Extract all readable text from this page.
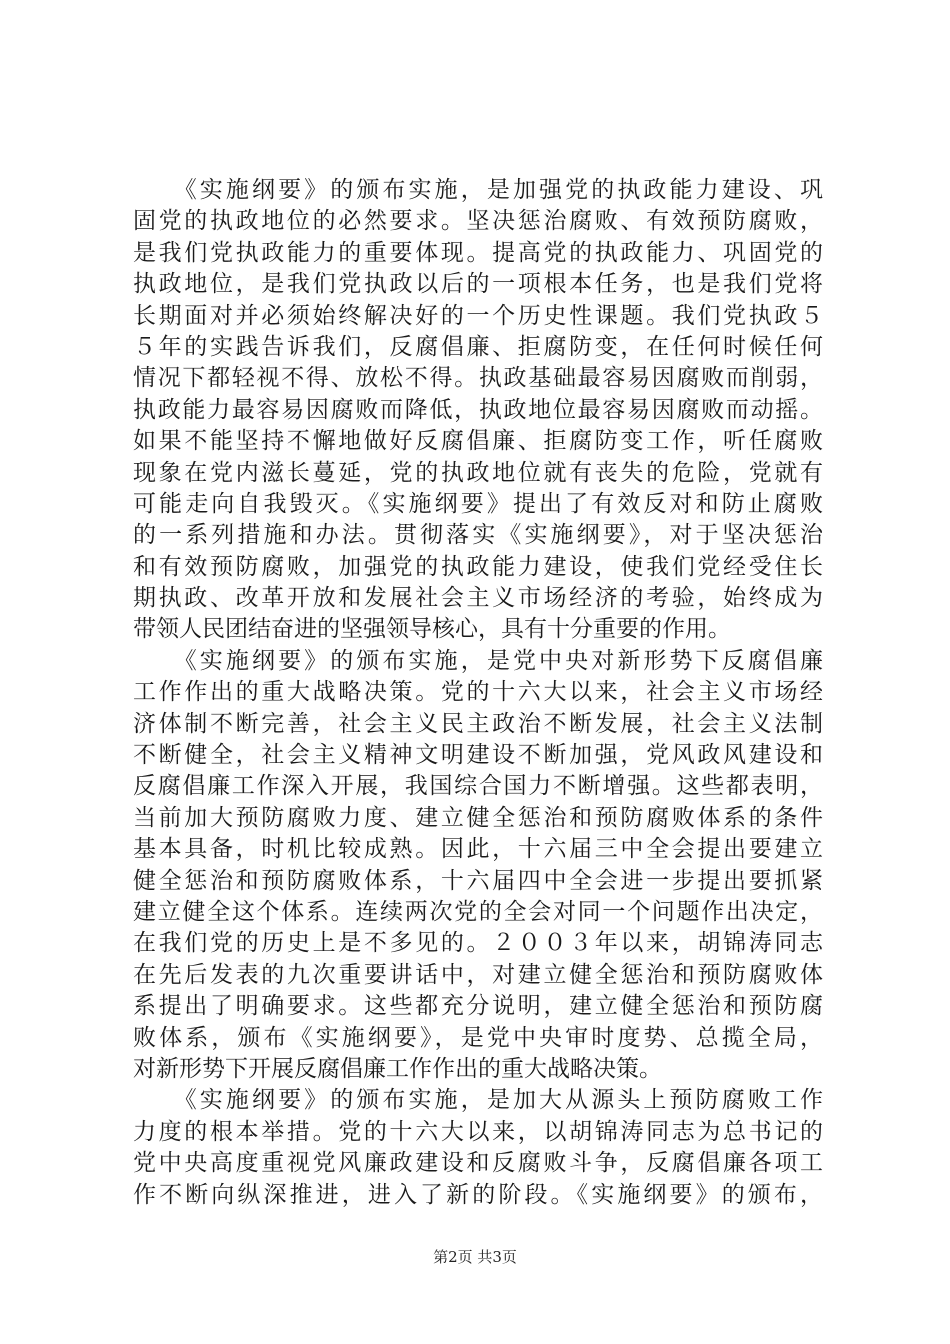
　　《实施纲要》的颁布实施，是加强党的执政能力建设、巩
固党的执政地位的必然要求。坚决惩治腐败、有效预防腐败，
是我们党执政能力的重要体现。提高党的执政能力、巩固党的
执政地位，是我们党执政以后的一项根本任务，也是我们党将
长期面对并必须始终解决好的一个历史性课题。我们党执政５
５年的实践告诉我们，反腐倡廉、拒腐防变，在任何时候任何
情况下都轻视不得、放松不得。执政基础最容易因腐败而削弱，
执政能力最容易因腐败而降低，执政地位最容易因腐败而动摇。
如果不能坚持不懈地做好反腐倡廉、拒腐防变工作，听任腐败
现象在党内滋长蔓延，党的执政地位就有丧失的危险，党就有
可能走向自我毁灭。《实施纲要》提出了有效反对和防止腐败
的一系列措施和办法。贯彻落实《实施纲要》，对于坚决惩治
和有效预防腐败，加强党的执政能力建设，使我们党经受住长
期执政、改革开放和发展社会主义市场经济的考验，始终成为
带领人民团结奋进的坚强领导核心，具有十分重要的作用。
　　《实施纲要》的颁布实施，是党中央对新形势下反腐倡廉
工作作出的重大战略决策。党的十六大以来，社会主义市场经
济体制不断完善，社会主义民主政治不断发展，社会主义法制
不断健全，社会主义精神文明建设不断加强，党风政风建设和
反腐倡廉工作深入开展，我国综合国力不断增强。这些都表明，
当前加大预防腐败力度、建立健全惩治和预防腐败体系的条件
基本具备，时机比较成熟。因此，十六届三中全会提出要建立
健全惩治和预防腐败体系，十六届四中全会进一步提出要抓紧
建立健全这个体系。连续两次党的全会对同一个问题作出决定，
在我们党的历史上是不多见的。２００３年以来，胡锦涛同志
在先后发表的九次重要讲话中，对建立健全惩治和预防腐败体
系提出了明确要求。这些都充分说明，建立健全惩治和预防腐
败体系，颁布《实施纲要》，是党中央审时度势、总揽全局，
对新形势下开展反腐倡廉工作作出的重大战略决策。
　　《实施纲要》的颁布实施，是加大从源头上预防腐败工作
力度的根本举措。党的十六大以来，以胡锦涛同志为总书记的
党中央高度重视党风廉政建设和反腐败斗争，反腐倡廉各项工
作不断向纵深推进，进入了新的阶段。《实施纲要》的颁布，
第2页 共3页
